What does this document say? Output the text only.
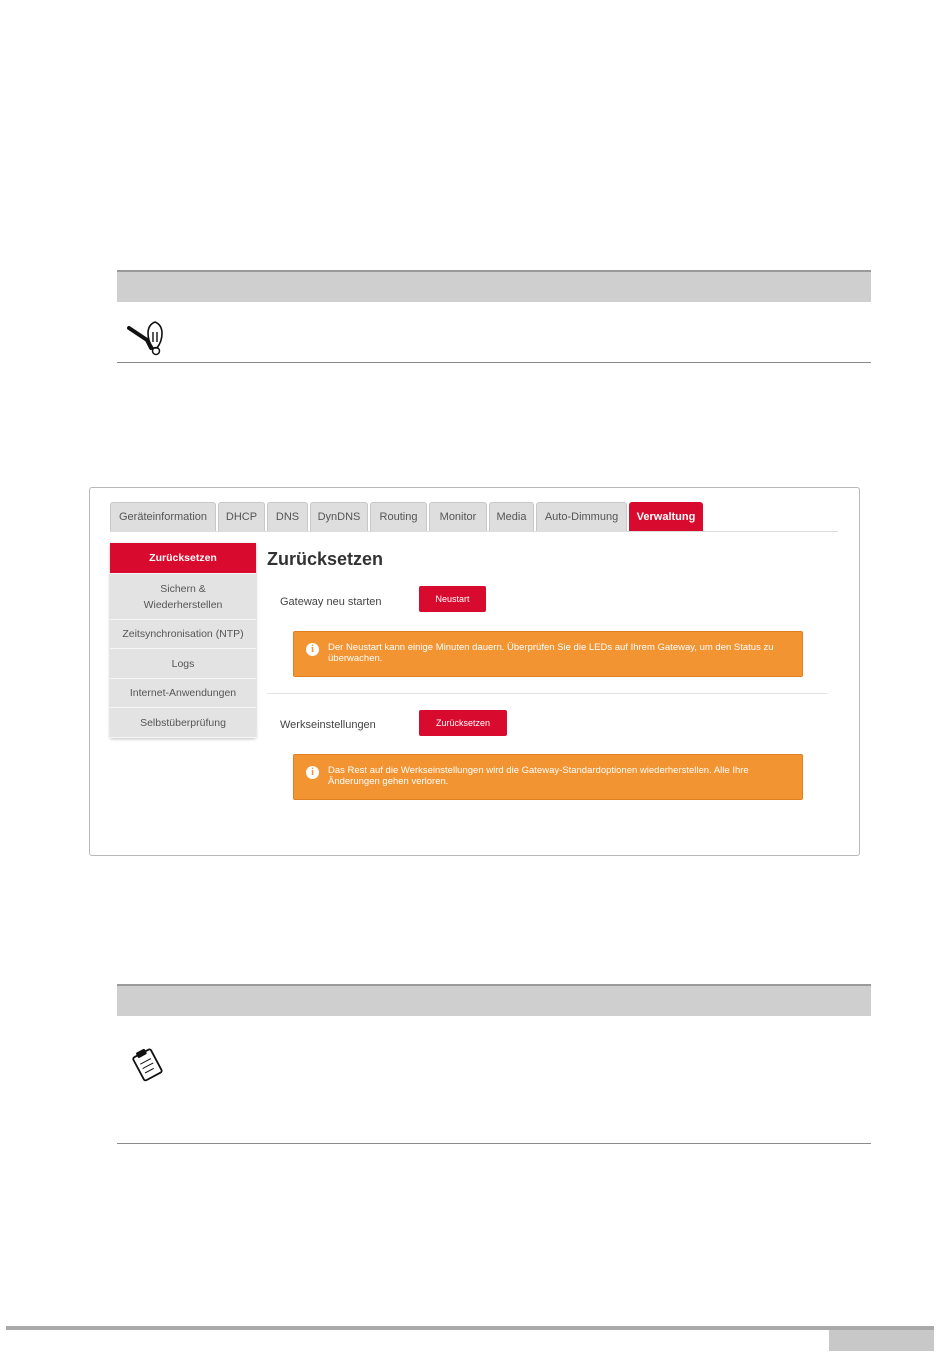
Geräteinformation	DHCP	DNS	DynDNS	Routing	Monitor	Media	Auto-Dimmung	Verwaltung
Zurücksetzen
Sichern &
Wiederherstellen
Zeitsynchronisation (NTP)
Logs
Internet-Anwendungen
Selbstüberprüfung
Zurücksetzen
Gateway neu starten	Neustart
i	Der Neustart kann einige Minuten dauern. Überprüfen Sie die LEDs auf Ihrem Gateway, um den Status zu überwachen.
Werkseinstellungen	Zurücksetzen
i	Das Rest auf die Werkseinstellungen wird die Gateway-Standardoptionen wiederherstellen. Alle Ihre Änderungen gehen verloren.
